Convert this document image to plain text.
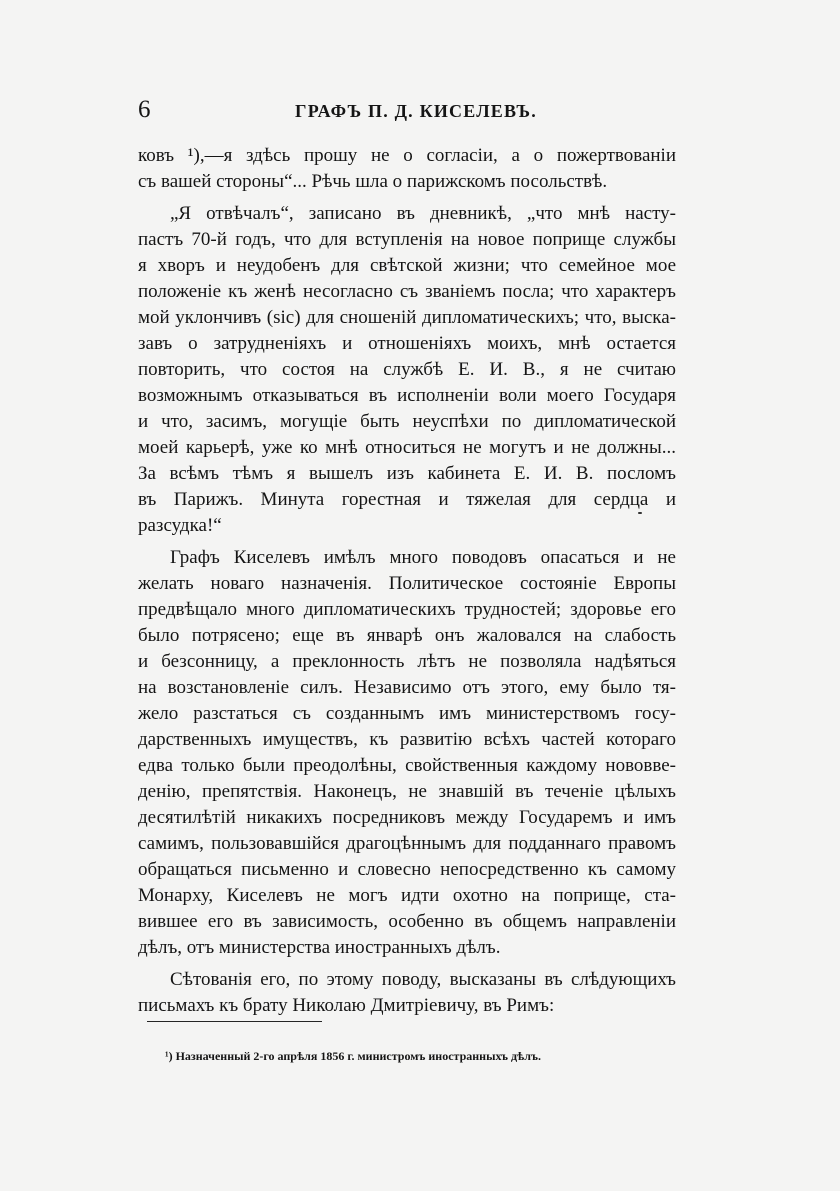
6	ГРАФЪ П. Д. КИСЕЛЕВЪ.
ковъ ¹),—я здѣсь прошу не о согласіи, а о пожертвованіи
съ вашей стороны“... Рѣчь шла о парижскомъ посольствѣ.
„Я отвѣчалъ“, записано въ дневникѣ, „что мнѣ насту-
пастъ 70-й годъ, что для вступленія на новое поприще службы
я хворъ и неудобенъ для свѣтской жизни; что семейное мое
положеніе къ женѣ несогласно съ званіемъ посла; что характеръ
мой уклончивъ (sic) для сношеній дипломатическихъ; что, выска-
завъ о затрудненіяхъ и отношеніяхъ моихъ, мнѣ остается
повторить, что состоя на службѣ Е. И. В., я не считаю
возможнымъ отказываться въ исполненіи воли моего Государя
и что, засимъ, могущіе быть неуспѣхи по дипломатической
моей карьерѣ, уже ко мнѣ относиться не могутъ и не должны...
За всѣмъ тѣмъ я вышелъ изъ кабинета Е. И. В. посломъ
въ Парижъ. Минута горестная и тяжелая для сердца и
разсудка!“
Графъ Киселевъ имѣлъ много поводовъ опасаться и не
желать новаго назначенія. Политическое состояніе Европы
предвѣщало много дипломатическихъ трудностей; здоровье его
было потрясено; еще въ январѣ онъ жаловался на слабость
и безсонницу, а преклонность лѣтъ не позволяла надѣяться
на возстановленіе силъ. Независимо отъ этого, ему было тя-
жело разстаться съ созданнымъ имъ министерствомъ госу-
дарственныхъ имуществъ, къ развитію всѣхъ частей котораго
едва только были преодолѣны, свойственныя каждому нововве-
денію, препятствія. Наконецъ, не знавшій въ теченіе цѣлыхъ
десятилѣтій никакихъ посредниковъ между Государемъ и имъ
самимъ, пользовавшійся драгоцѣннымъ для подданнаго правомъ
обращаться письменно и словесно непосредственно къ самому
Монарху, Киселевъ не могъ идти охотно на поприще, ста-
вившее его въ зависимость, особенно въ общемъ направленіи
дѣлъ, отъ министерства иностранныхъ дѣлъ.
Сѣтованія его, по этому поводу, высказаны въ слѣдующихъ
письмахъ къ брату Николаю Дмитріевичу, въ Римъ:
¹) Назначенный 2-го апрѣля 1856 г. министромъ иностранныхъ дѣлъ.
